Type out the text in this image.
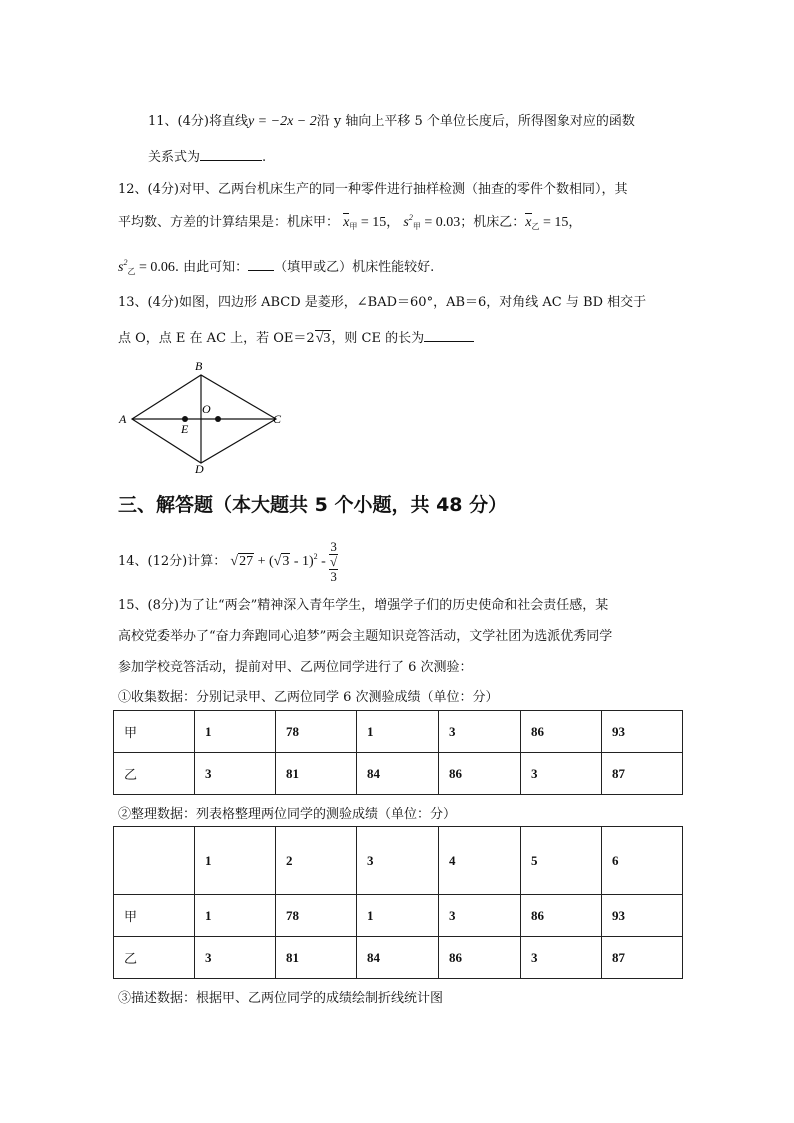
11、(4分)将直线y = −2x − 2沿 y 轴向上平移 5 个单位长度后，所得图象对应的函数
关系式为	.
12、(4分)对甲、乙两台机床生产的同一种零件进行抽样检测（抽查的零件个数相同），其
平均数、方差的计算结果是：机床甲： $x_甲 = 15$， $s^2_甲 = 0.03$；机床乙：$x_乙 = 15$，
$s^2_乙 = 0.06$. 由此可知： （填甲或乙）机床性能较好.
13、(4分)如图，四边形 ABCD 是菱形，∠BAD＝60°，AB＝6，对角线 AC 与 BD 相交于
点 O，点 E 在 AC 上，若 OE＝2√3，则 CE 的长为
A
B
C
D
O
E
三、解答题（本大题共 5 个小题，共 48 分）
14、(12分)计算： √27 + (√3 - 1)$^2$ - 3
√
3
15、(8分)为了让“两会”精神深入青年学生，增强学子们的历史使命和社会责任感，某
高校党委举办了“奋力奔跑同心追梦”两会主题知识竞答活动，文学社团为选派优秀同学
参加学校竞答活动，提前对甲、乙两位同学进行了 6 次测验：
①收集数据：分别记录甲、乙两位同学 6 次测验成绩（单位：分）
甲	1	78	1	3	86	93
乙	3	81	84	86	3	87
②整理数据：列表格整理两位同学的测验成绩（单位：分）
	1	2	3	4	5	6
甲	1	78	1	3	86	93
乙	3	81	84	86	3	87
③描述数据：根据甲、乙两位同学的成绩绘制折线统计图
